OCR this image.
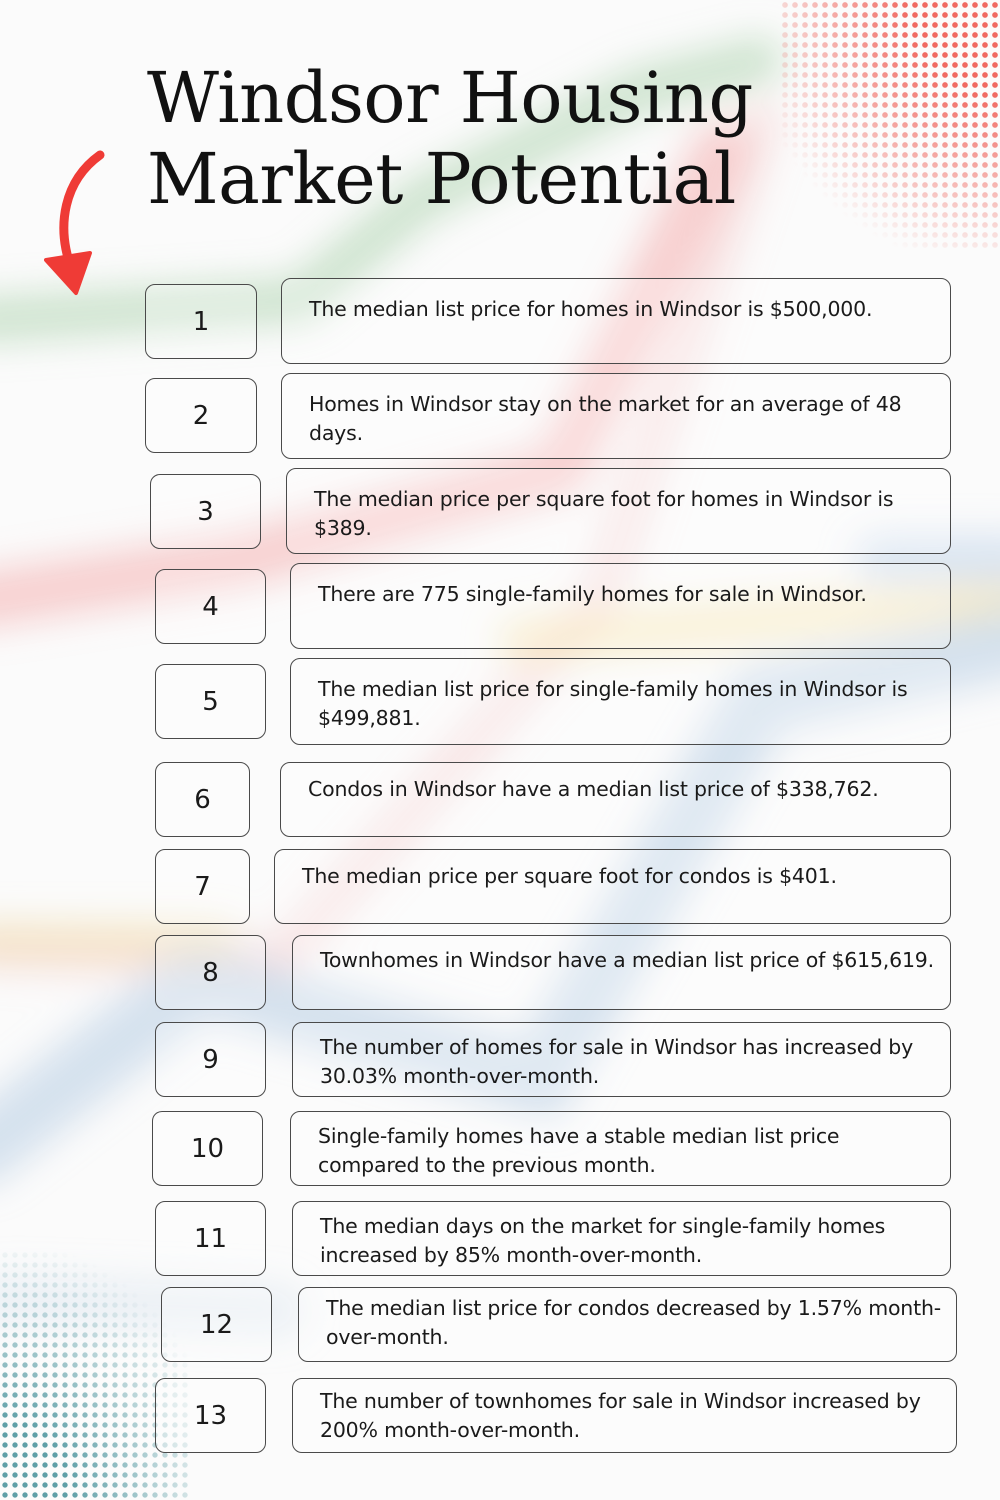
Windsor Housing
Market Potential
1	The median list price for homes in Windsor is $500,000.
2	Homes in Windsor stay on the market for an average of 48 days.
3	The median price per square foot for homes in Windsor is $389.
4	There are 775 single-family homes for sale in Windsor.
5	The median list price for single-family homes in Windsor is $499,881.
6	Condos in Windsor have a median list price of $338,762.
7	The median price per square foot for condos is $401.
8	Townhomes in Windsor have a median list price of $615,619.
9	The number of homes for sale in Windsor has increased by 30.03% month-over-month.
10	Single-family homes have a stable median list price compared to the previous month.
11	The median days on the market for single-family homes increased by 85% month-over-month.
12
The median list price for condos decreased by 1.57% month-over-month.
13	The number of townhomes for sale in Windsor increased by 200% month-over-month.
